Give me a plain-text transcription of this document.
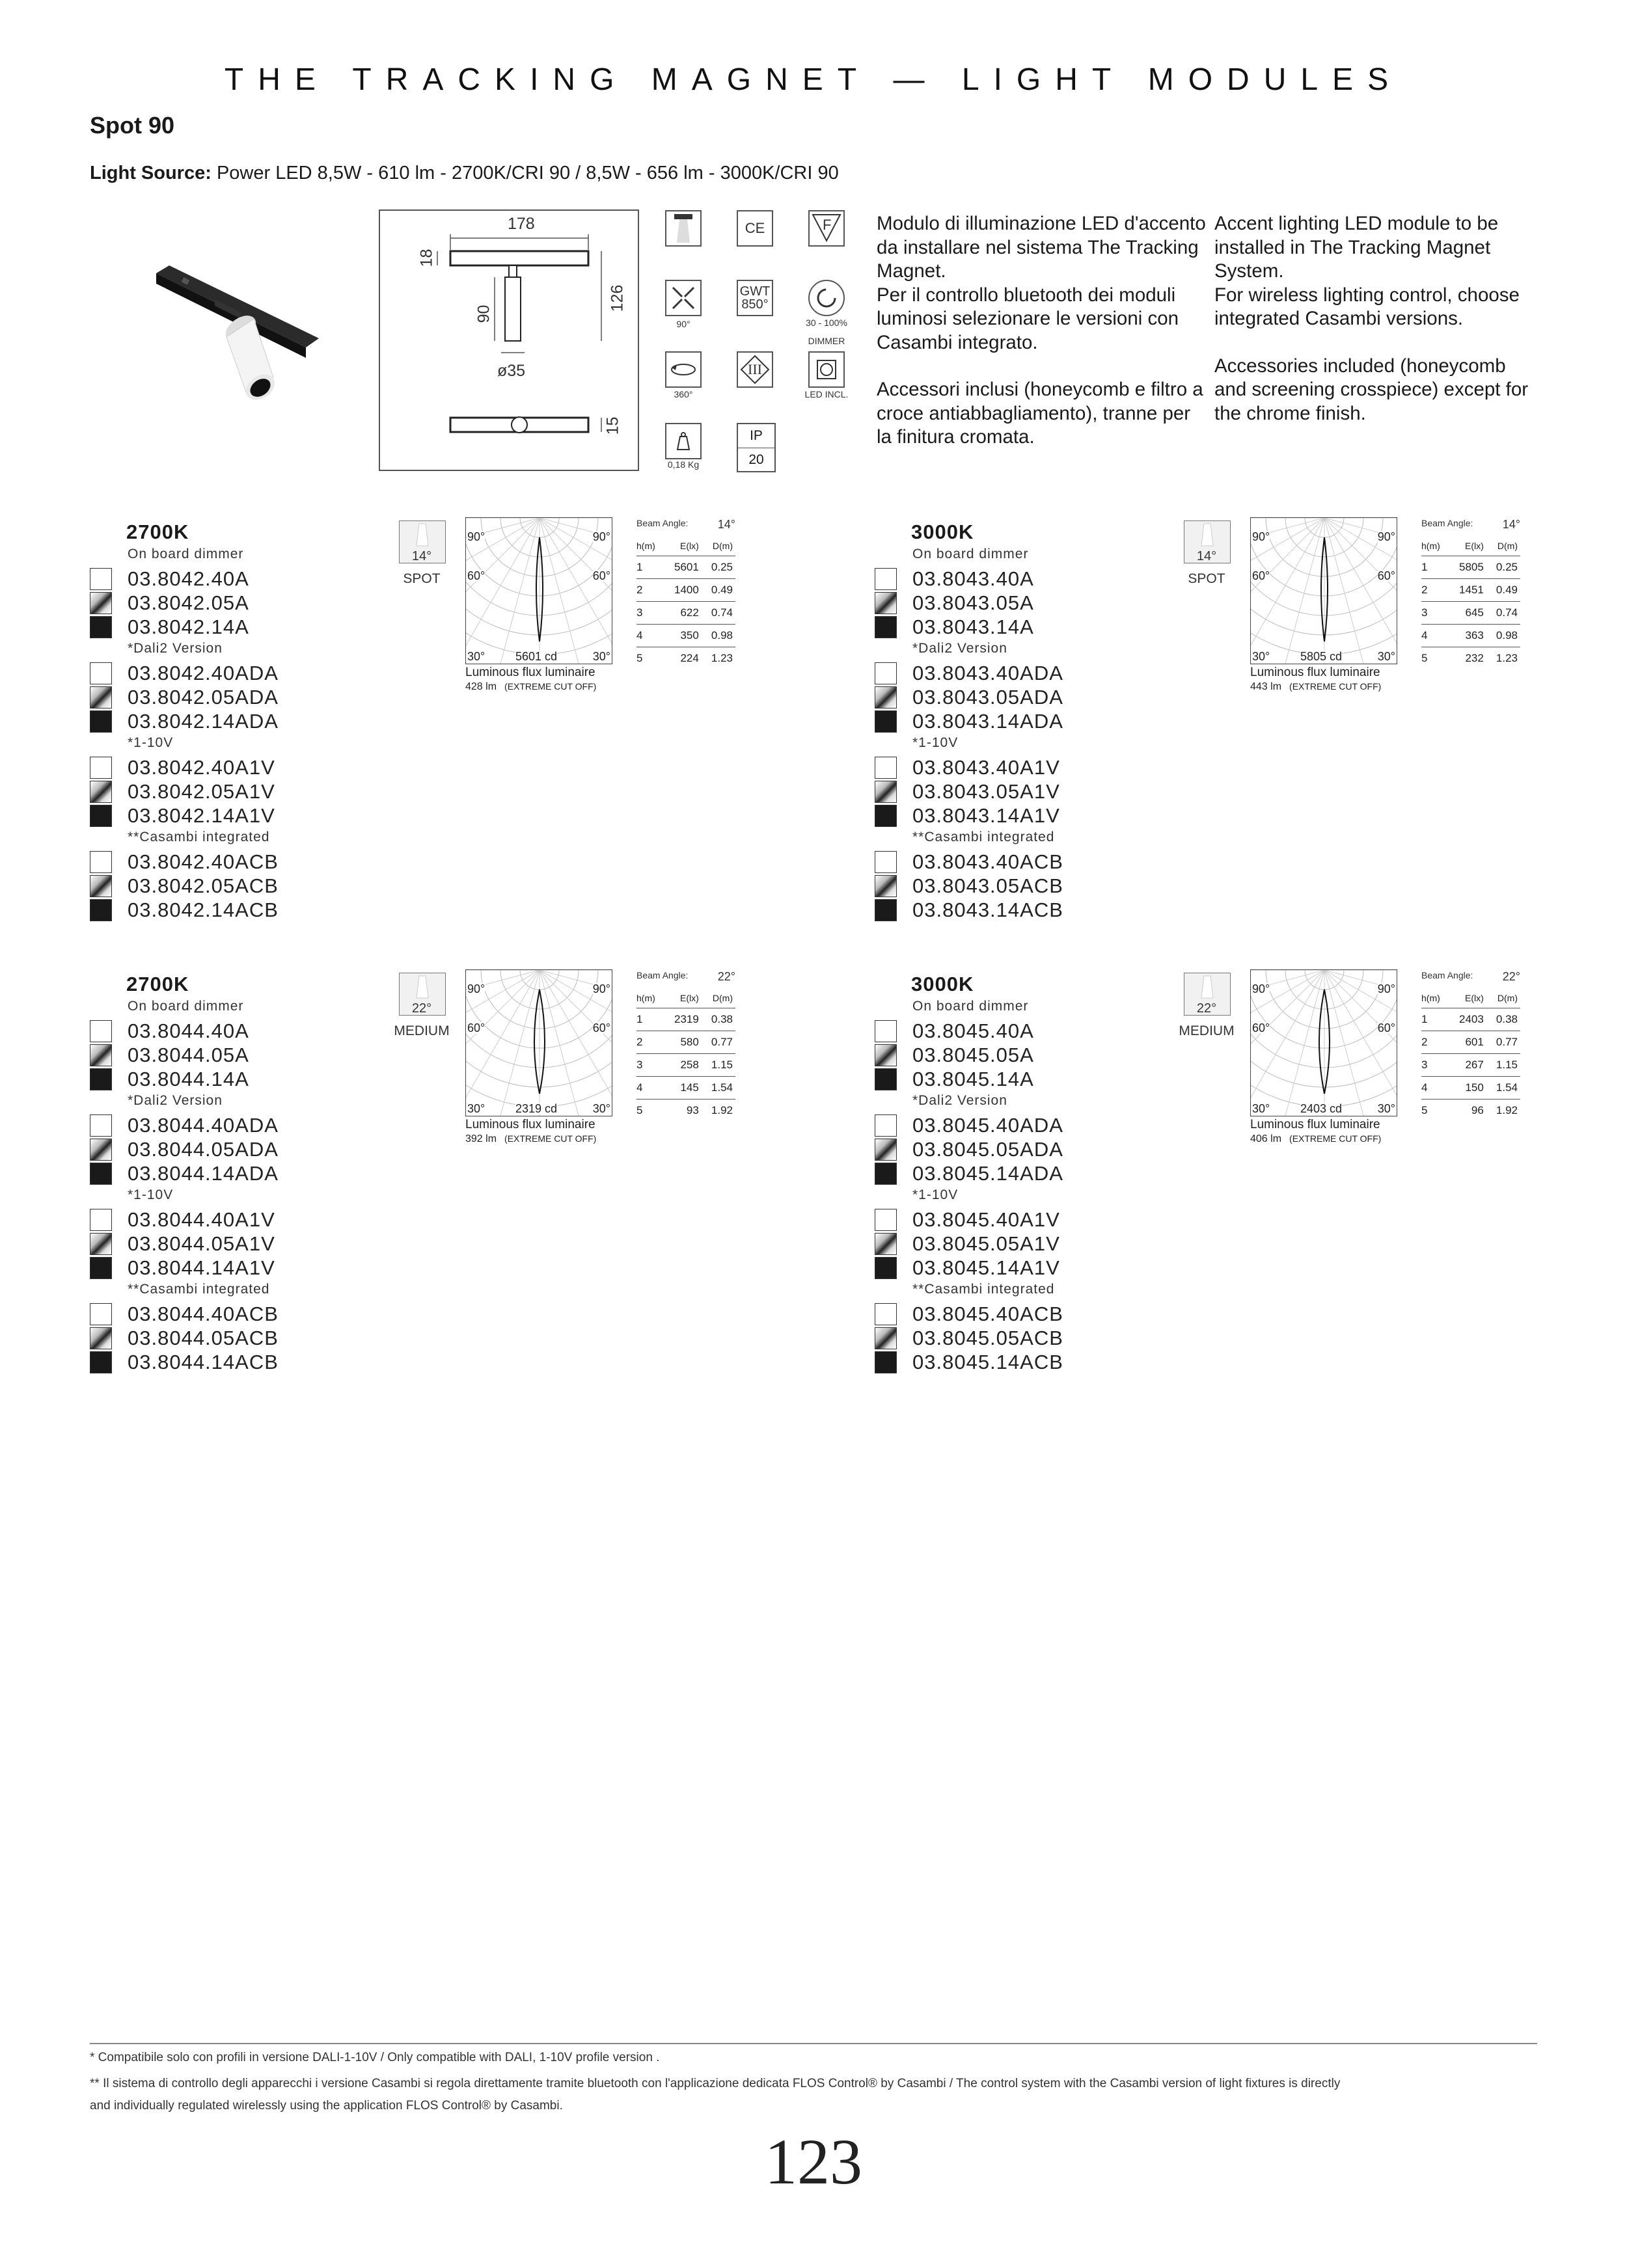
THE TRACKING MAGNET — LIGHT MODULES
Spot 90
Light Source: Power LED 8,5W - 610 lm - 2700K/CRI 90 / 8,5W - 656 lm - 3000K/CRI 90
178
18
90
126
ø35
15
CE	F
90°
GWT
850°
30 - 100%
DIMMER
360°
III
LED INCL.
0,18 Kg
IP
20
Modulo di illuminazione LED d'accento da installare nel sistema The Tracking Magnet.
Per il controllo bluetooth dei moduli luminosi selezionare le versioni con Casambi integrato.
Accessori inclusi (honeycomb e filtro a croce antiabbagliamento), tranne per la finitura cromata.
Accent lighting LED module to be installed in The Tracking Magnet System.
For wireless lighting control, choose integrated Casambi versions.
Accessories included (honeycomb and screening crosspiece) except for the chrome finish.
2700K
On board dimmer
03.8042.40A
03.8042.05A
03.8042.14A
*Dali2 Version
03.8042.40ADA
03.8042.05ADA
03.8042.14ADA
*1-10V
03.8042.40A1V
03.8042.05A1V
03.8042.14A1V
**Casambi integrated
03.8042.40ACB
03.8042.05ACB
03.8042.14ACB
14°
SPOT
90°	90°
60°	60°
30°	30°
5601 cd
Luminous flux luminaire
428 lm (EXTREME CUT OFF)
Beam Angle:	14°
h(m)	E(lx)	D(m)
1	5601	0.25
2	1400	0.49
3	622	0.74
4	350	0.98
5	224	1.23
3000K
On board dimmer
03.8043.40A
03.8043.05A
03.8043.14A
*Dali2 Version
03.8043.40ADA
03.8043.05ADA
03.8043.14ADA
*1-10V
03.8043.40A1V
03.8043.05A1V
03.8043.14A1V
**Casambi integrated
03.8043.40ACB
03.8043.05ACB
03.8043.14ACB
14°
SPOT
90°	90°
60°	60°
30°	30°
5805 cd
Luminous flux luminaire
443 lm (EXTREME CUT OFF)
Beam Angle:	14°
h(m)	E(lx)	D(m)
1	5805	0.25
2	1451	0.49
3	645	0.74
4	363	0.98
5	232	1.23
2700K
On board dimmer
03.8044.40A
03.8044.05A
03.8044.14A
*Dali2 Version
03.8044.40ADA
03.8044.05ADA
03.8044.14ADA
*1-10V
03.8044.40A1V
03.8044.05A1V
03.8044.14A1V
**Casambi integrated
03.8044.40ACB
03.8044.05ACB
03.8044.14ACB
22°
MEDIUM
90°	90°
60°	60°
30°	30°
2319 cd
Luminous flux luminaire
392 lm (EXTREME CUT OFF)
Beam Angle:	22°
h(m)	E(lx)	D(m)
1	2319	0.38
2	580	0.77
3	258	1.15
4	145	1.54
5	93	1.92
3000K
On board dimmer
03.8045.40A
03.8045.05A
03.8045.14A
*Dali2 Version
03.8045.40ADA
03.8045.05ADA
03.8045.14ADA
*1-10V
03.8045.40A1V
03.8045.05A1V
03.8045.14A1V
**Casambi integrated
03.8045.40ACB
03.8045.05ACB
03.8045.14ACB
22°
MEDIUM
90°	90°
60°	60°
30°	30°
2403 cd
Luminous flux luminaire
406 lm (EXTREME CUT OFF)
Beam Angle:	22°
h(m)	E(lx)	D(m)
1	2403	0.38
2	601	0.77
3	267	1.15
4	150	1.54
5	96	1.92
* Compatibile solo con profili in versione DALI-1-10V / Only compatible with DALI, 1-10V profile version .
** Il sistema di controllo degli apparecchi i versione Casambi si regola direttamente tramite bluetooth con l'applicazione dedicata FLOS Control® by Casambi / The control system with the Casambi version of light fixtures is directly
and individually regulated wirelessly using the application FLOS Control® by Casambi.
123
